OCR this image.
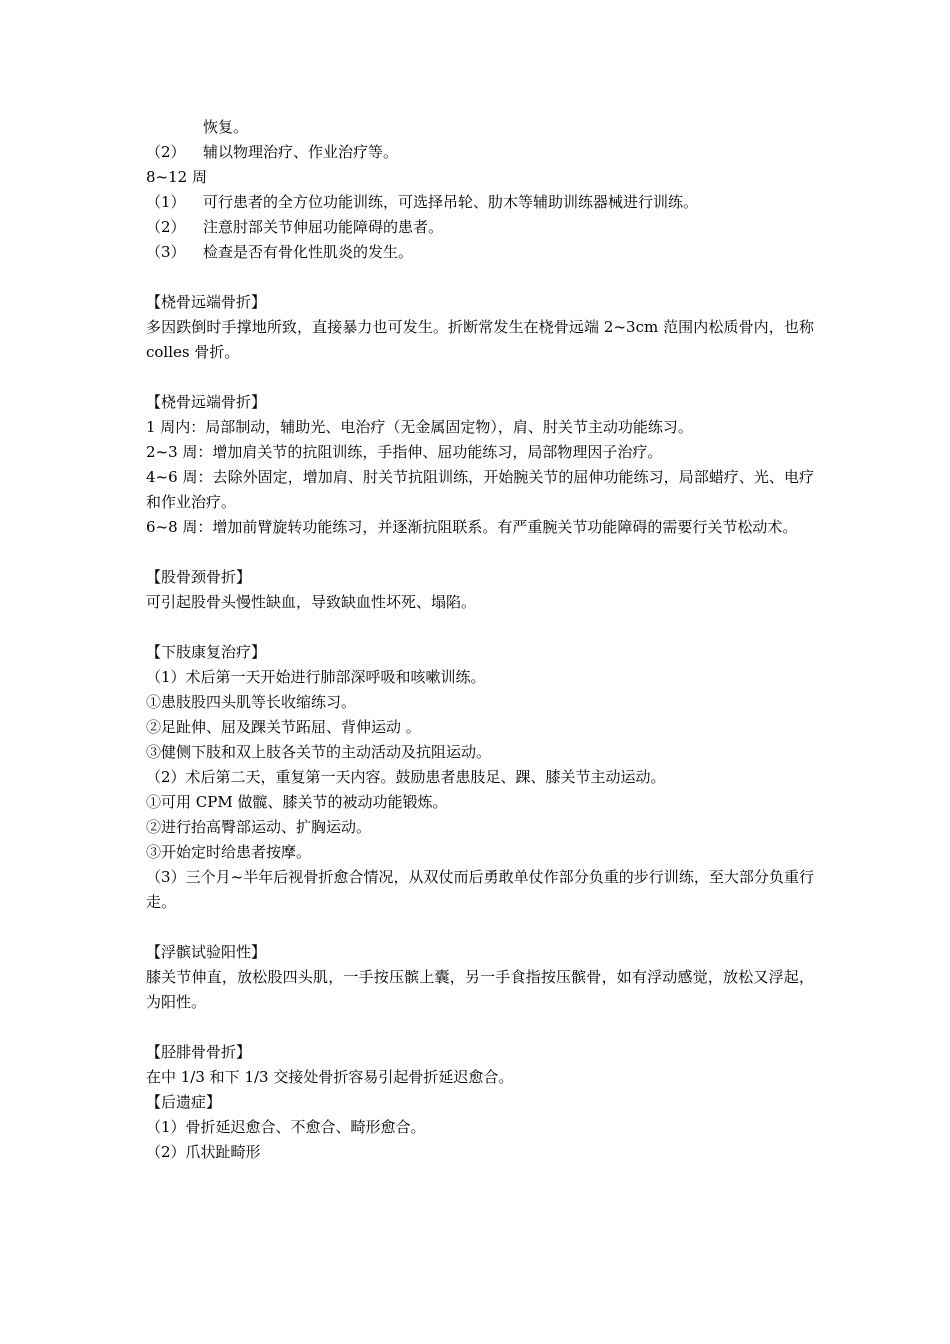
恢复。
（2）	辅以物理治疗、作业治疗等。
8~12 周
（1）	可行患者的全方位功能训练，可选择吊轮、肋木等辅助训练器械进行训练。
（2）	注意肘部关节伸屈功能障碍的患者。
（3）	检查是否有骨化性肌炎的发生。
【桡骨远端骨折】
多因跌倒时手撑地所致，直接暴力也可发生。折断常发生在桡骨远端 2~3cm 范围内松质骨内，也称 colles 骨折。
【桡骨远端骨折】
1 周内：局部制动，辅助光、电治疗（无金属固定物），肩、肘关节主动功能练习。
2~3 周：增加肩关节的抗阻训练，手指伸、屈功能练习，局部物理因子治疗。
4~6 周：去除外固定，增加肩、肘关节抗阻训练，开始腕关节的屈伸功能练习，局部蜡疗、光、电疗和作业治疗。
6~8 周：增加前臂旋转功能练习，并逐渐抗阻联系。有严重腕关节功能障碍的需要行关节松动术。
【股骨颈骨折】
可引起股骨头慢性缺血，导致缺血性坏死、塌陷。
【下肢康复治疗】
（1）术后第一天开始进行肺部深呼吸和咳嗽训练。
①患肢股四头肌等长收缩练习。
②足趾伸、屈及踝关节跖屈、背伸运动 。
③健侧下肢和双上肢各关节的主动活动及抗阻运动。
（2）术后第二天，重复第一天内容。鼓励患者患肢足、踝、膝关节主动运动。
①可用 CPM 做髋、膝关节的被动功能锻炼。
②进行抬高臀部运动、扩胸运动。
③开始定时给患者按摩。
（3）三个月~半年后视骨折愈合情况，从双仗而后勇敢单仗作部分负重的步行训练，至大部分负重行走。
【浮髌试验阳性】
膝关节伸直，放松股四头肌，一手按压髌上囊，另一手食指按压髌骨，如有浮动感觉，放松又浮起，为阳性。
【胫腓骨骨折】
在中 1/3 和下 1/3 交接处骨折容易引起骨折延迟愈合。
【后遗症】
（1）骨折延迟愈合、不愈合、畸形愈合。
（2）爪状趾畸形
